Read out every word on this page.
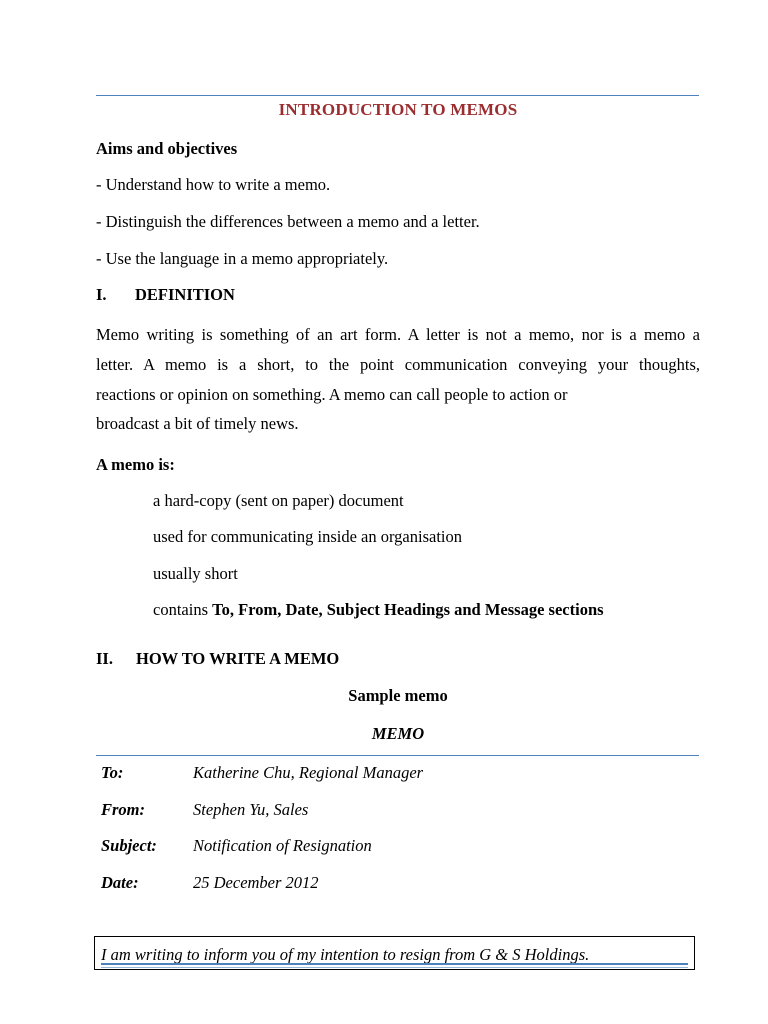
INTRODUCTION TO MEMOS
Aims and objectives
- Understand how to write a memo.
- Distinguish the differences between a memo and a letter.
- Use the language in a memo appropriately.
I. DEFINITION
Memo writing is something of an art form. A letter is not a memo, nor is a memo a
letter. A memo is a short, to the point communication conveying your thoughts,
reactions or opinion on something. A memo can call people to action or
broadcast a bit of timely news.
A memo is:
a hard-copy (sent on paper) document
used for communicating inside an organisation
usually short
contains To, From, Date, Subject Headings and Message sections
II. HOW TO WRITE A MEMO
Sample memo
MEMO
To:	Katherine Chu, Regional Manager
From:	Stephen Yu, Sales
Subject: Notification of Resignation
Date:	25 December 2012
I am writing to inform you of my intention to resign from G & S Holdings.
